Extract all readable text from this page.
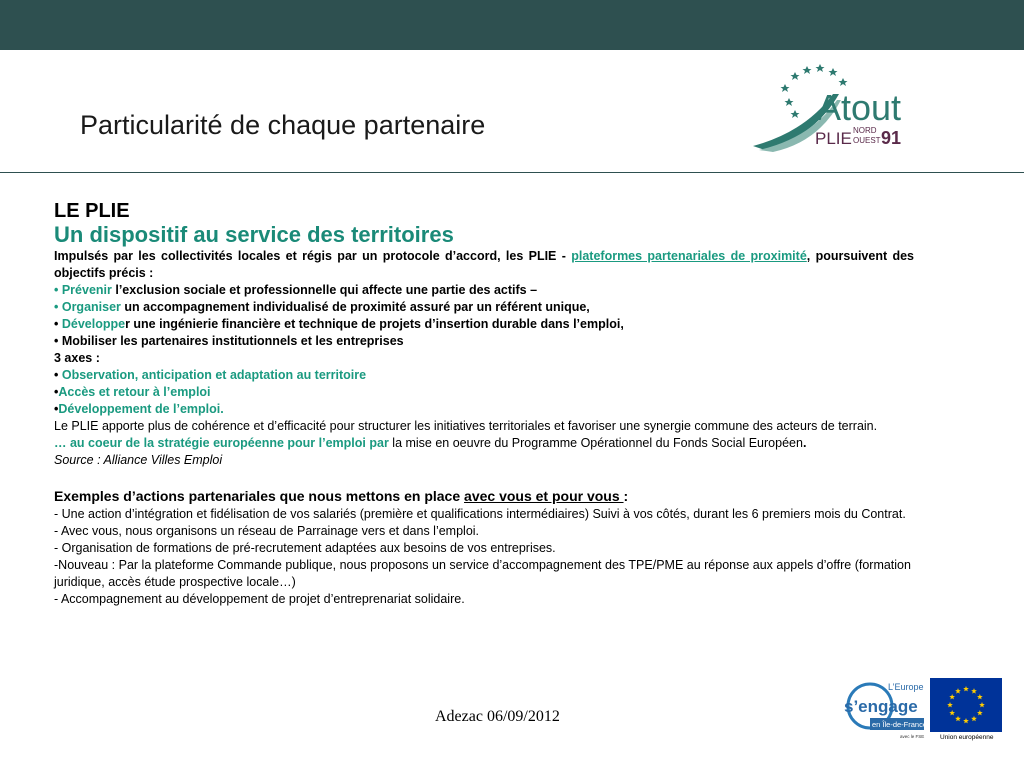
Particularité de chaque partenaire	Atout
PLIE NORD
OUEST 91

LE PLIE

Un dispositif au service des territoires

Impulsés par les collectivités locales et régis par un protocole d’accord, les PLIE - plateformes partenariales de proximité, poursuivent des objectifs précis :

• Prévenir l’exclusion sociale et professionnelle qui affecte une partie des actifs –

• Organiser un accompagnement individualisé de proximité assuré par un référent unique,

• Développer une ingénierie financière et technique de projets d’insertion durable dans l’emploi,

• Mobiliser les partenaires institutionnels et les entreprises

3 axes :

• Observation, anticipation et adaptation au territoire

•Accès et retour à l’emploi

•Développement de l’emploi.

Le PLIE apporte plus de cohérence et d’efficacité pour structurer les initiatives territoriales et favoriser une synergie commune des acteurs de terrain.

… au coeur de la stratégie européenne pour l’emploi par la mise en oeuvre du Programme Opérationnel du Fonds Social Européen.

Source : Alliance Villes Emploi

Exemples d’actions partenariales que nous mettons en place avec vous et pour vous :

- Une action d’intégration et fidélisation de vos salariés (première et qualifications intermédiaires) Suivi à vos côtés, durant les 6 premiers mois du Contrat.

- Avec vous, nous organisons un réseau de Parrainage vers et dans l’emploi.

- Organisation de formations de pré-recrutement adaptées aux besoins de vos entreprises.

-Nouveau : Par la plateforme Commande publique, nous proposons un service d’accompagnement des TPE/PME au réponse aux appels d’offre (formation juridique, accès étude prospective locale…)

- Accompagnement au développement de projet d’entreprenariat solidaire.

Adezac 06/09/2012
L’Europe
s’engage
en Île-de-France
avec le FSE Union européenne
